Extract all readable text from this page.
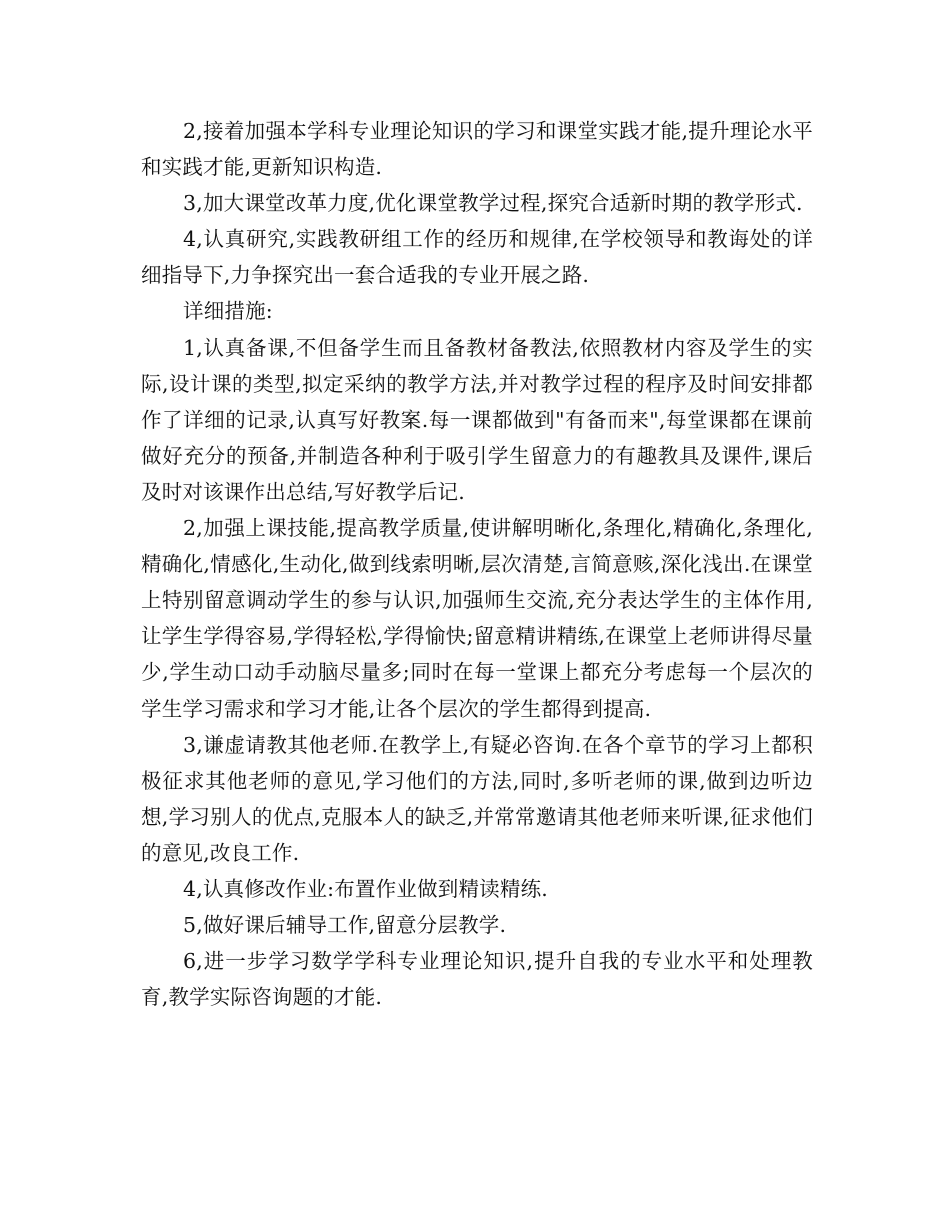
2,接着加强本学科专业理论知识的学习和课堂实践才能,提升理论水平和实践才能,更新知识构造.

3,加大课堂改革力度,优化课堂教学过程,探究合适新时期的教学形式.

4,认真研究,实践教研组工作的经历和规律,在学校领导和教诲处的详细指导下,力争探究出一套合适我的专业开展之路.

详细措施:

1,认真备课,不但备学生而且备教材备教法,依照教材内容及学生的实际,设计课的类型,拟定采纳的教学方法,并对教学过程的程序及时间安排都作了详细的记录,认真写好教案.每一课都做到"有备而来",每堂课都在课前做好充分的预备,并制造各种利于吸引学生留意力的有趣教具及课件,课后及时对该课作出总结,写好教学后记.

2,加强上课技能,提高教学质量,使讲解明晰化,条理化,精确化,条理化,精确化,情感化,生动化,做到线索明晰,层次清楚,言简意赅,深化浅出.在课堂上特别留意调动学生的参与认识,加强师生交流,充分表达学生的主体作用,让学生学得容易,学得轻松,学得愉快;留意精讲精练,在课堂上老师讲得尽量少,学生动口动手动脑尽量多;同时在每一堂课上都充分考虑每一个层次的学生学习需求和学习才能,让各个层次的学生都得到提高.

3,谦虚请教其他老师.在教学上,有疑必咨询.在各个章节的学习上都积极征求其他老师的意见,学习他们的方法,同时,多听老师的课,做到边听边想,学习别人的优点,克服本人的缺乏,并常常邀请其他老师来听课,征求他们的意见,改良工作.

4,认真修改作业:布置作业做到精读精练.

5,做好课后辅导工作,留意分层教学.

6,进一步学习数学学科专业理论知识,提升自我的专业水平和处理教育,教学实际咨询题的才能.
